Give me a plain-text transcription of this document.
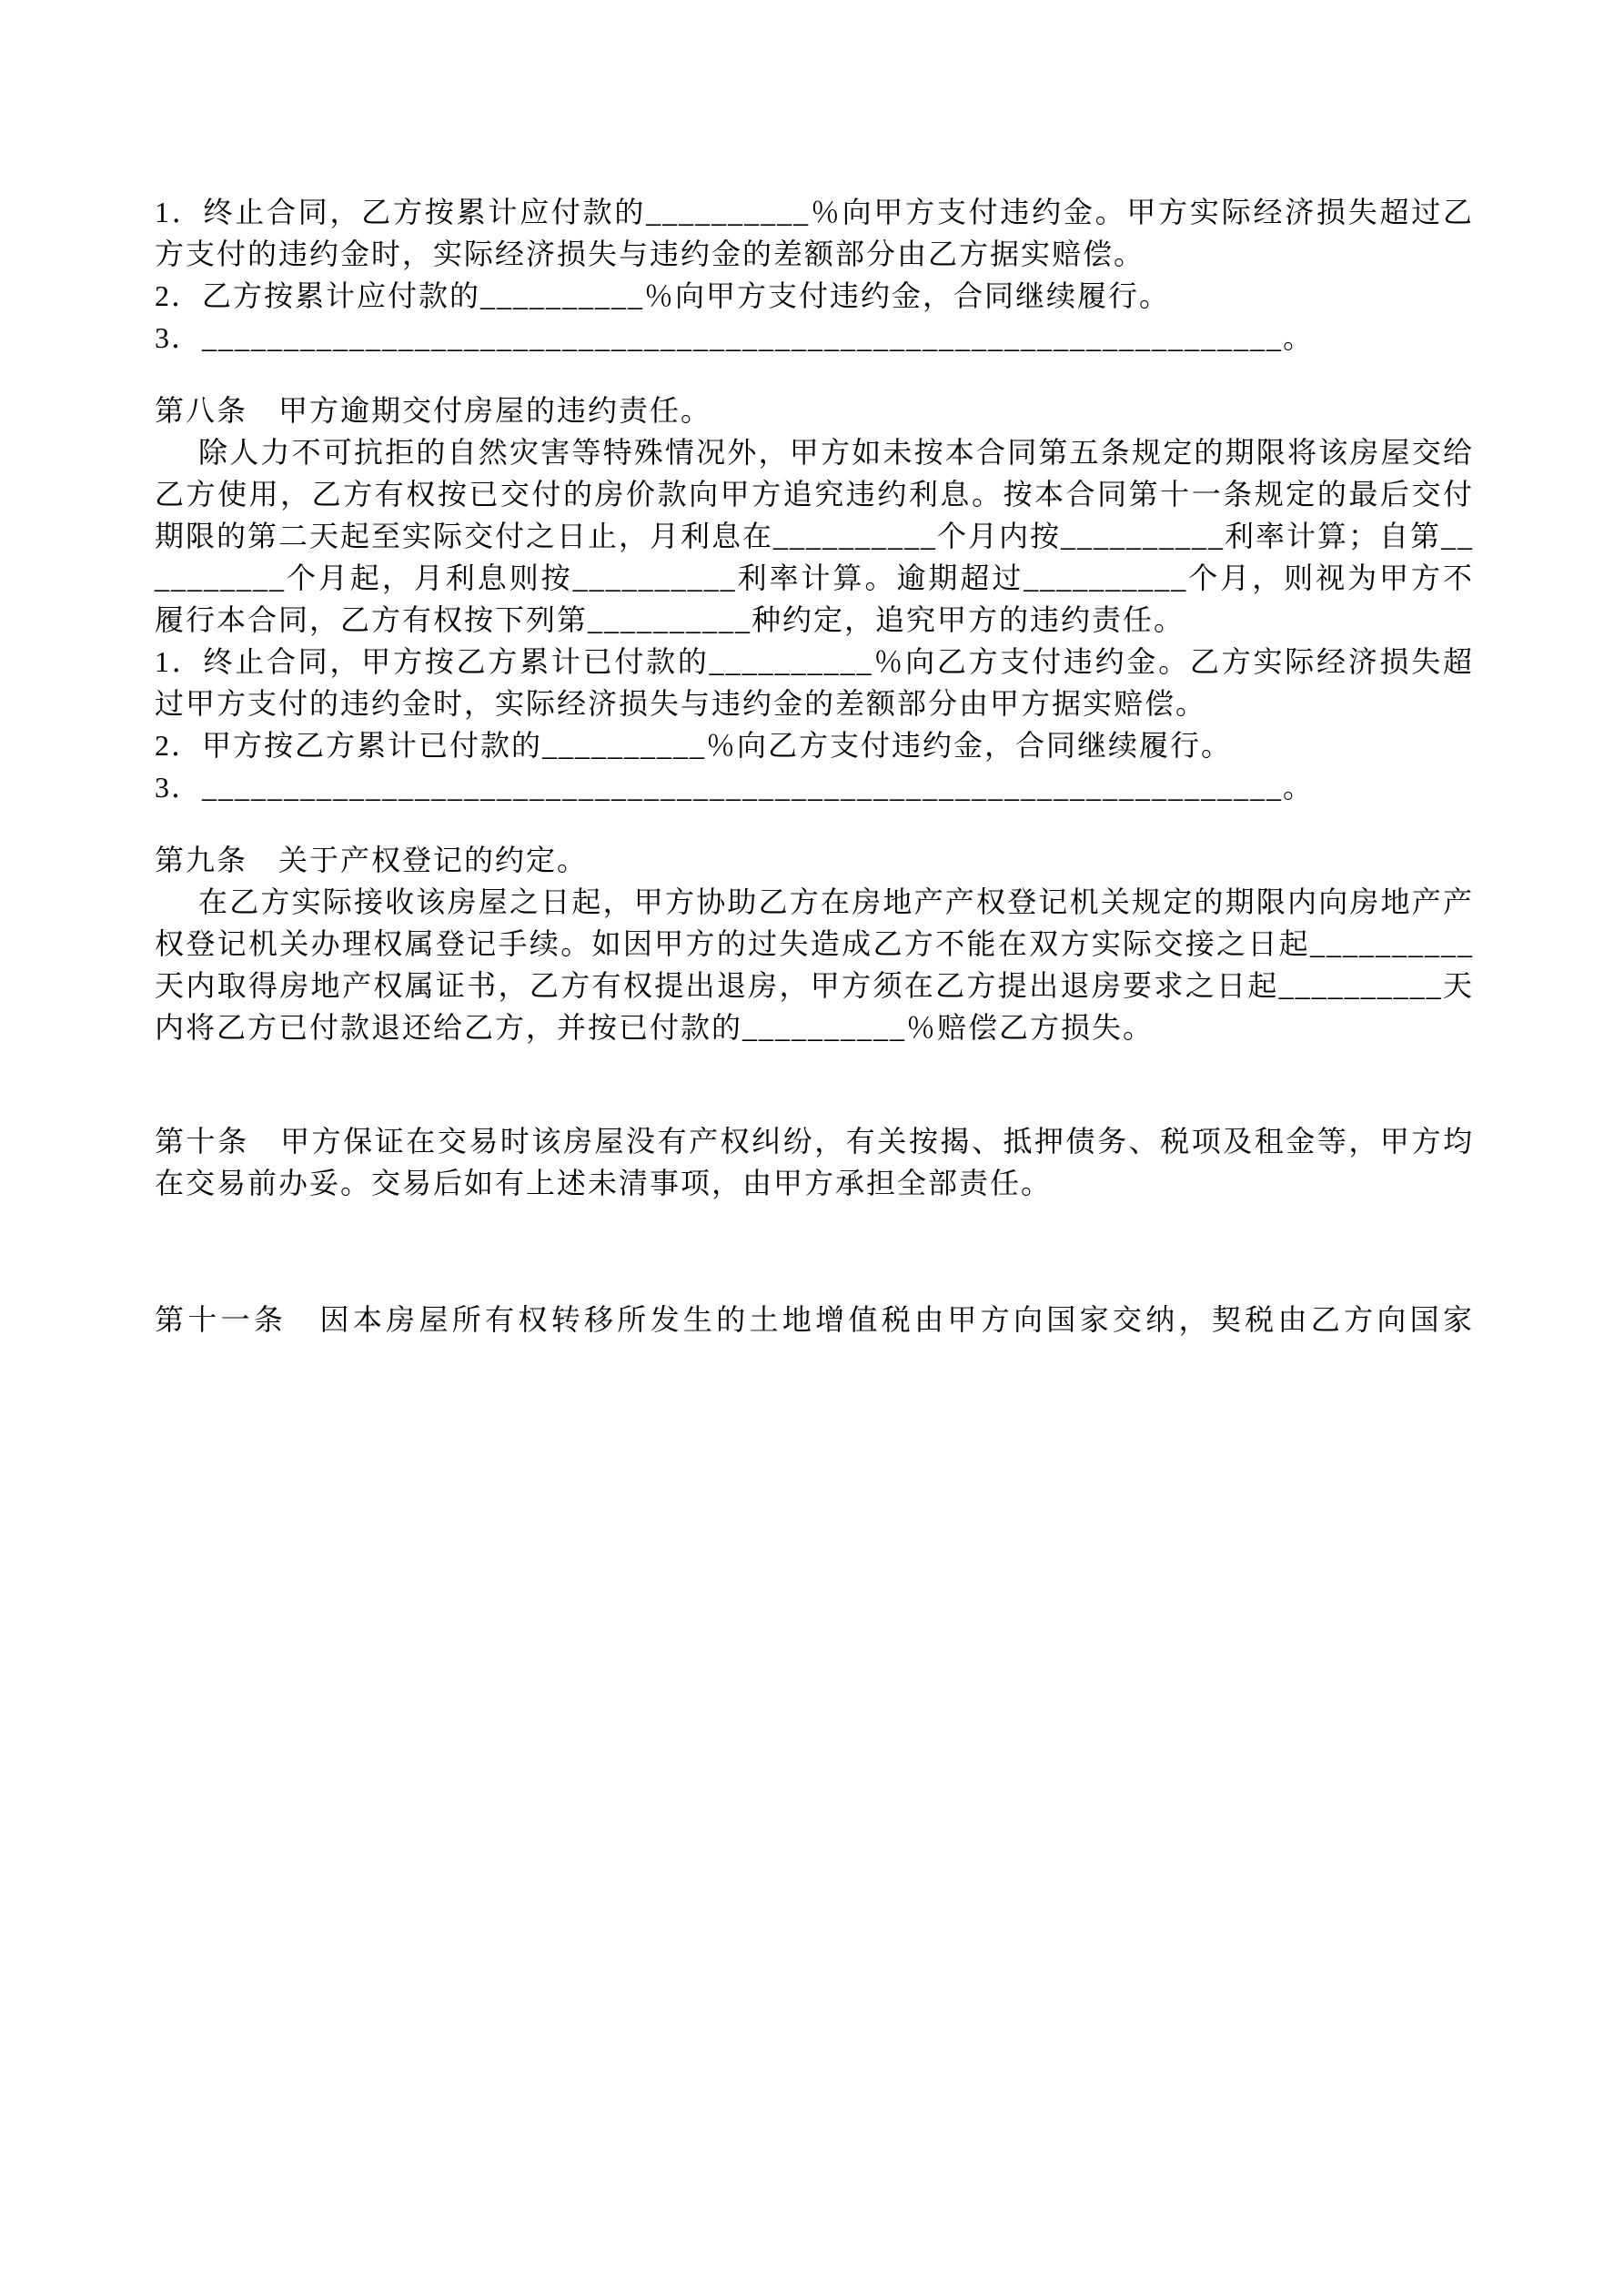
1．终止合同，乙方按累计应付款的__________％向甲方支付违约金。甲方实际经济损失超过乙方支付的违约金时，实际经济损失与违约金的差额部分由乙方据实赔偿。

2．乙方按累计应付款的__________％向甲方支付违约金，合同继续履行。

3．__________________________________________________________________。

第八条　甲方逾期交付房屋的违约责任。

除人力不可抗拒的自然灾害等特殊情况外，甲方如未按本合同第五条规定的期限将该房屋交给乙方使用，乙方有权按已交付的房价款向甲方追究违约利息。按本合同第十一条规定的最后交付期限的第二天起至实际交付之日止，月利息在__________个月内按__________利率计算；自第__________个月起，月利息则按__________利率计算。逾期超过__________个月，则视为甲方不履行本合同，乙方有权按下列第__________种约定，追究甲方的违约责任。

1．终止合同，甲方按乙方累计已付款的__________％向乙方支付违约金。乙方实际经济损失超过甲方支付的违约金时，实际经济损失与违约金的差额部分由甲方据实赔偿。

2．甲方按乙方累计已付款的__________％向乙方支付违约金，合同继续履行。

3．__________________________________________________________________。

第九条　关于产权登记的约定。

在乙方实际接收该房屋之日起，甲方协助乙方在房地产产权登记机关规定的期限内向房地产产权登记机关办理权属登记手续。如因甲方的过失造成乙方不能在双方实际交接之日起__________天内取得房地产权属证书，乙方有权提出退房，甲方须在乙方提出退房要求之日起__________天内将乙方已付款退还给乙方，并按已付款的__________％赔偿乙方损失。

第十条　甲方保证在交易时该房屋没有产权纠纷，有关按揭、抵押债务、税项及租金等，甲方均在交易前办妥。交易后如有上述未清事项，由甲方承担全部责任。

第十一条　因本房屋所有权转移所发生的土地增值税由甲方向国家交纳，契税由乙方向国家
